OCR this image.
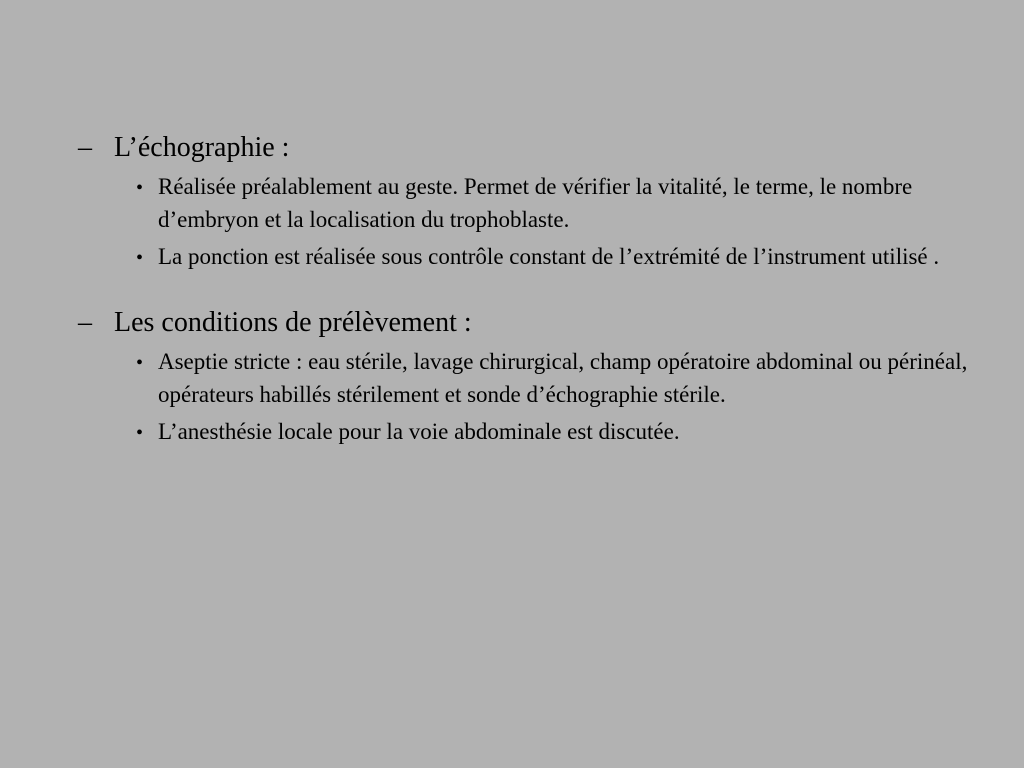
– L’échographie :
• Réalisée préalablement au geste. Permet de vérifier la vitalité, le terme, le nombre d’embryon et la localisation du trophoblaste.
• La ponction est réalisée sous contrôle constant de l’extrémité de l’instrument utilisé .
– Les conditions de prélèvement :
• Aseptie stricte : eau stérile, lavage chirurgical, champ opératoire abdominal ou périnéal, opérateurs habillés stérilement et sonde d’échographie stérile.
• L’anesthésie locale pour la voie abdominale est discutée.
